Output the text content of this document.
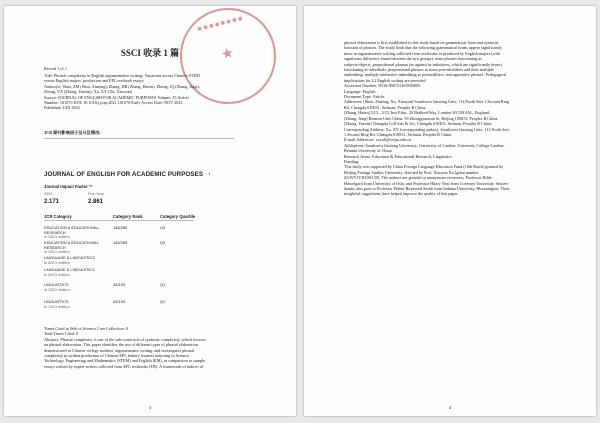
● ● ● ● ● ● ● ●
★
SSCI 收录 1 篇
Record 1 of 1
Title: Phrasal complexity in English argumentative writing: Variations across Chinese STEM
versus English majors' production and EFL textbook essays
Author(s): Shao, ZM (Shao, Zimeng); Zhang, HR (Zhang, Haoru); Zhong, JQ (Zhang, Jiaqi);
Zhong, YX (Zhong, Yuexin); Xu, XY (Xu, Xiaoyan)
Source: JOURNAL OF ENGLISH FOR ACADEMIC PURPOSES Volume: 55 Article
Number: 101070 DOI: 10.1016/j.jeap.2021.101070 Early Access Date: NOV 2021
Published: JAN 2022
JCR 期刊影响因子及分区情况:
JOURNAL OF ENGLISH FOR ACADEMIC PURPOSES $^i$
Journal Impact Factor ™
2020	Five Year
2.171	2.861
JCR Category	Category Rank	Category Quartile
EDUCATION & EDUCATIONAL RESEARCH
in SSCI edition
146/265	Q3
EDUCATION & EDUCATIONAL RESEARCH
in SSCI edition
146/265	Q3
LANGUAGE & LINGUISTICS
in AHCI edition
LANGUAGE & LINGUISTICS
in AHCI edition
LINGUISTICS
in SSCI edition
43/193	Q1
LINGUISTICS
in SSCI edition
43/193	Q1
Times Cited in Web of Science Core Collection: 0
Total Times Cited: 0
Abstract: Phrasal complexity is one of the sub-constructs of syntactic complexity, which focuses
on phrasal elaboration. This paper identifies the use of different types of phrasal elaboration
demonstrated in Chinese college students' argumentative writing, and investigates phrasal
complexity in written production of Chinese EFL tertiary learners majoring in Science,
Technology, Engineering and Mathematics (STEM) and English (EM), in comparison to sample
essays written by expert writers collected from EFL textbooks (TB). A framework of indices of
3
phrasal elaboration is first established in this study based on grammatical form and syntactic
function of phrases. The study finds that the following grammatical forms appear significantly
more in argumentative writing collected from textbooks or produced by English majors (with
significant difference found between the two groups): noun phrases functioning as
subjects/objects, prepositional phrases (as against to-infinitives, which are significantly fewer)
functioning as adverbials, prepositional phrases as noun post-modifiers and their multiple
embedding, multiple attributive embedding as premodifiers, and appositive phrases. Pedagogical
implications for L2 English writing are provided.
Accession Number: WOS:000721363500003
Language: English
Document Type: Article
Addresses: [Shao, Zimeng; Xu, Xiaoyan] Southwest Jiaotong Univ, 111,North Sect 1,Second Ring
Rd, Chengdu 610031, Sichuan, Peoples R China.
[Zhang, Haoru] UCL, UCL Inst Educ, 20 Bedford Way, London WC1H 0AL, England.
[Zhang, Jiaqi] Renmin Univ China, 59 Zhongguancun St, Beijing 100872, Peoples R China.
[Zhong, Yuexin] Chengdu Coll Arts & Sci, Chengdu 610401, Sichuan, Peoples R China.
Corresponding Address: Xu, XY (corresponding author), Southwest Jiaotong Univ, 111,North Sect
1,Second Ring Rd, Chengdu 610031, Sichuan, Peoples R China.
E-mail Addresses: xxyoll@swjtu.edu.cn
Affiliations: Southwest Jiaotong University; University of London; University College London;
Renmin University of China
Research Areas: Education & Educational Research; Linguistics
Funding:
This study was supported by China Foreign Language Education Fund (10th Batch) granted by
Beijing Foreign Studies University, directed by Prof. Xiaoyan Xu [grant number
ZGWYJYJJ10A130]. The authors are grateful to anonymous reviewers, Professor Hilde
Hasselgard from University of Oslo, and Professor Hilary Nesi from Coventry University. Sincere
thanks also goes to Professor Walter Raymond Smith from Indiana University, Bloomington. Their
insightful suggestions have helped improve the quality of this paper.
4
